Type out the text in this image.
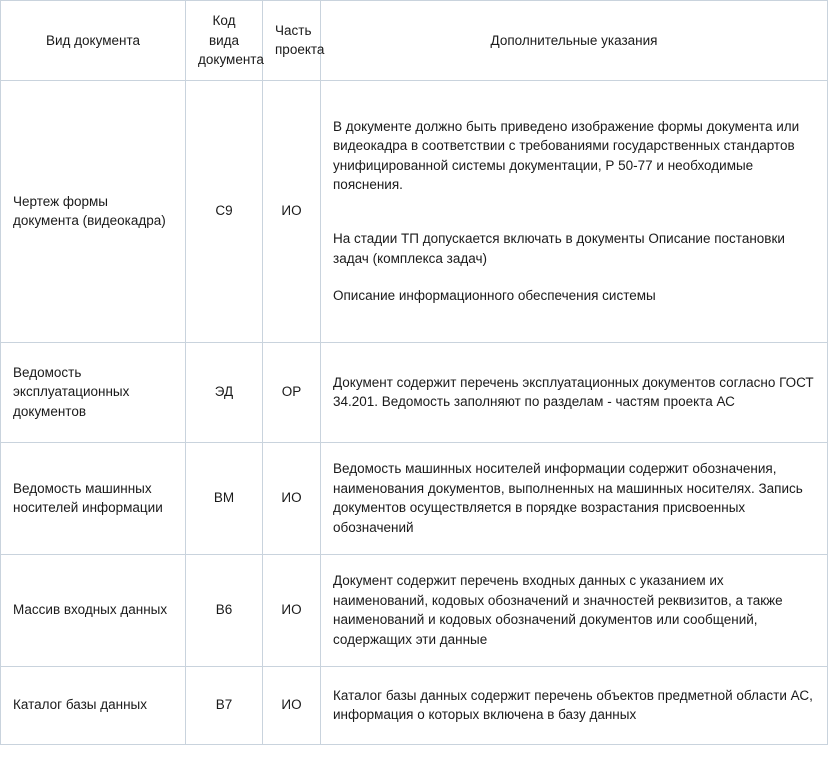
Вид документа	Код вида документа	Часть проекта	Дополнительные указания
Чертеж формы документа (видеокадра)	С9	ИО	В документе должно быть приведено изображение формы документа или видеокадра в соответствии с требованиями государственных стандартов унифицированной системы документации, Р 50-77 и необходимые пояснения.

На стадии ТП допускается включать в документы Описание постановки задач (комплекса задач)

Описание информационного обеспечения системы

Ведомость эксплуатационных документов	ЭД	ОР	Документ содержит перечень эксплуатационных документов согласно ГОСТ 34.201. Ведомость заполняют по разделам - частям проекта АС

Ведомость машинных носителей информации	ВМ	ИО	Ведомость машинных носителей информации содержит обозначения, наименования документов, выполненных на машинных носителях. Запись документов осуществляется в порядке возрастания присвоенных обозначений

Массив входных данных	В6	ИО	Документ содержит перечень входных данных с указанием их наименований, кодовых обозначений и значностей реквизитов, а также наименований и кодовых обозначений документов или сообщений, содержащих эти данные

Каталог базы данных	В7	ИО	Каталог базы данных содержит перечень объектов предметной области АС, информация о которых включена в базу данных
